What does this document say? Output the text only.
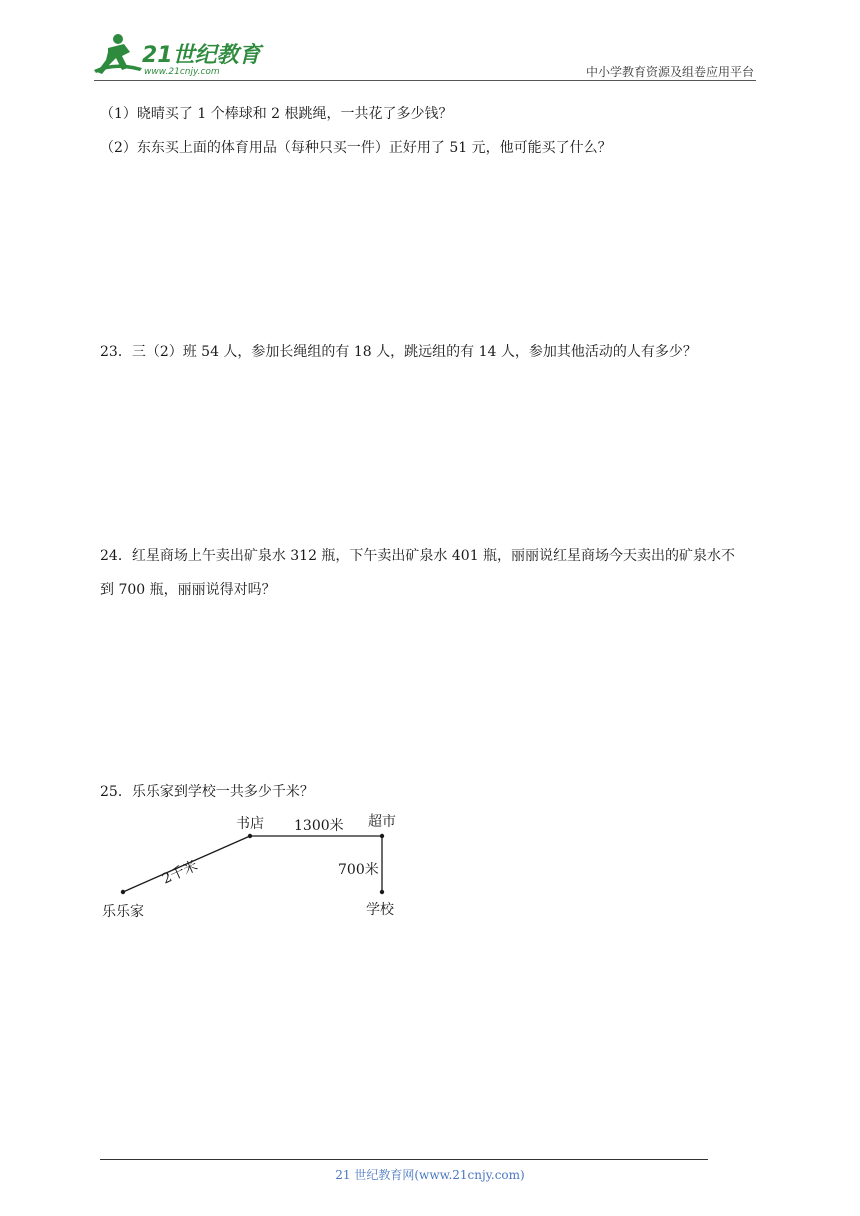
21世纪教育
www.21cnjy.com	中小学教育资源及组卷应用平台
（1）晓晴买了 1 个棒球和 2 根跳绳，一共花了多少钱？
（2）东东买上面的体育用品（每种只买一件）正好用了 51 元，他可能买了什么？
23．三（2）班 54 人，参加长绳组的有 18 人，跳远组的有 14 人，参加其他活动的人有多少？
24．红星商场上午卖出矿泉水 312 瓶，下午卖出矿泉水 401 瓶，丽丽说红星商场今天卖出的矿泉水不
到 700 瓶，丽丽说得对吗？
25．乐乐家到学校一共多少千米？
乐乐家
书店	超市
学校
2千米
1300米
700米
21 世纪教育网(www.21cnjy.com)
